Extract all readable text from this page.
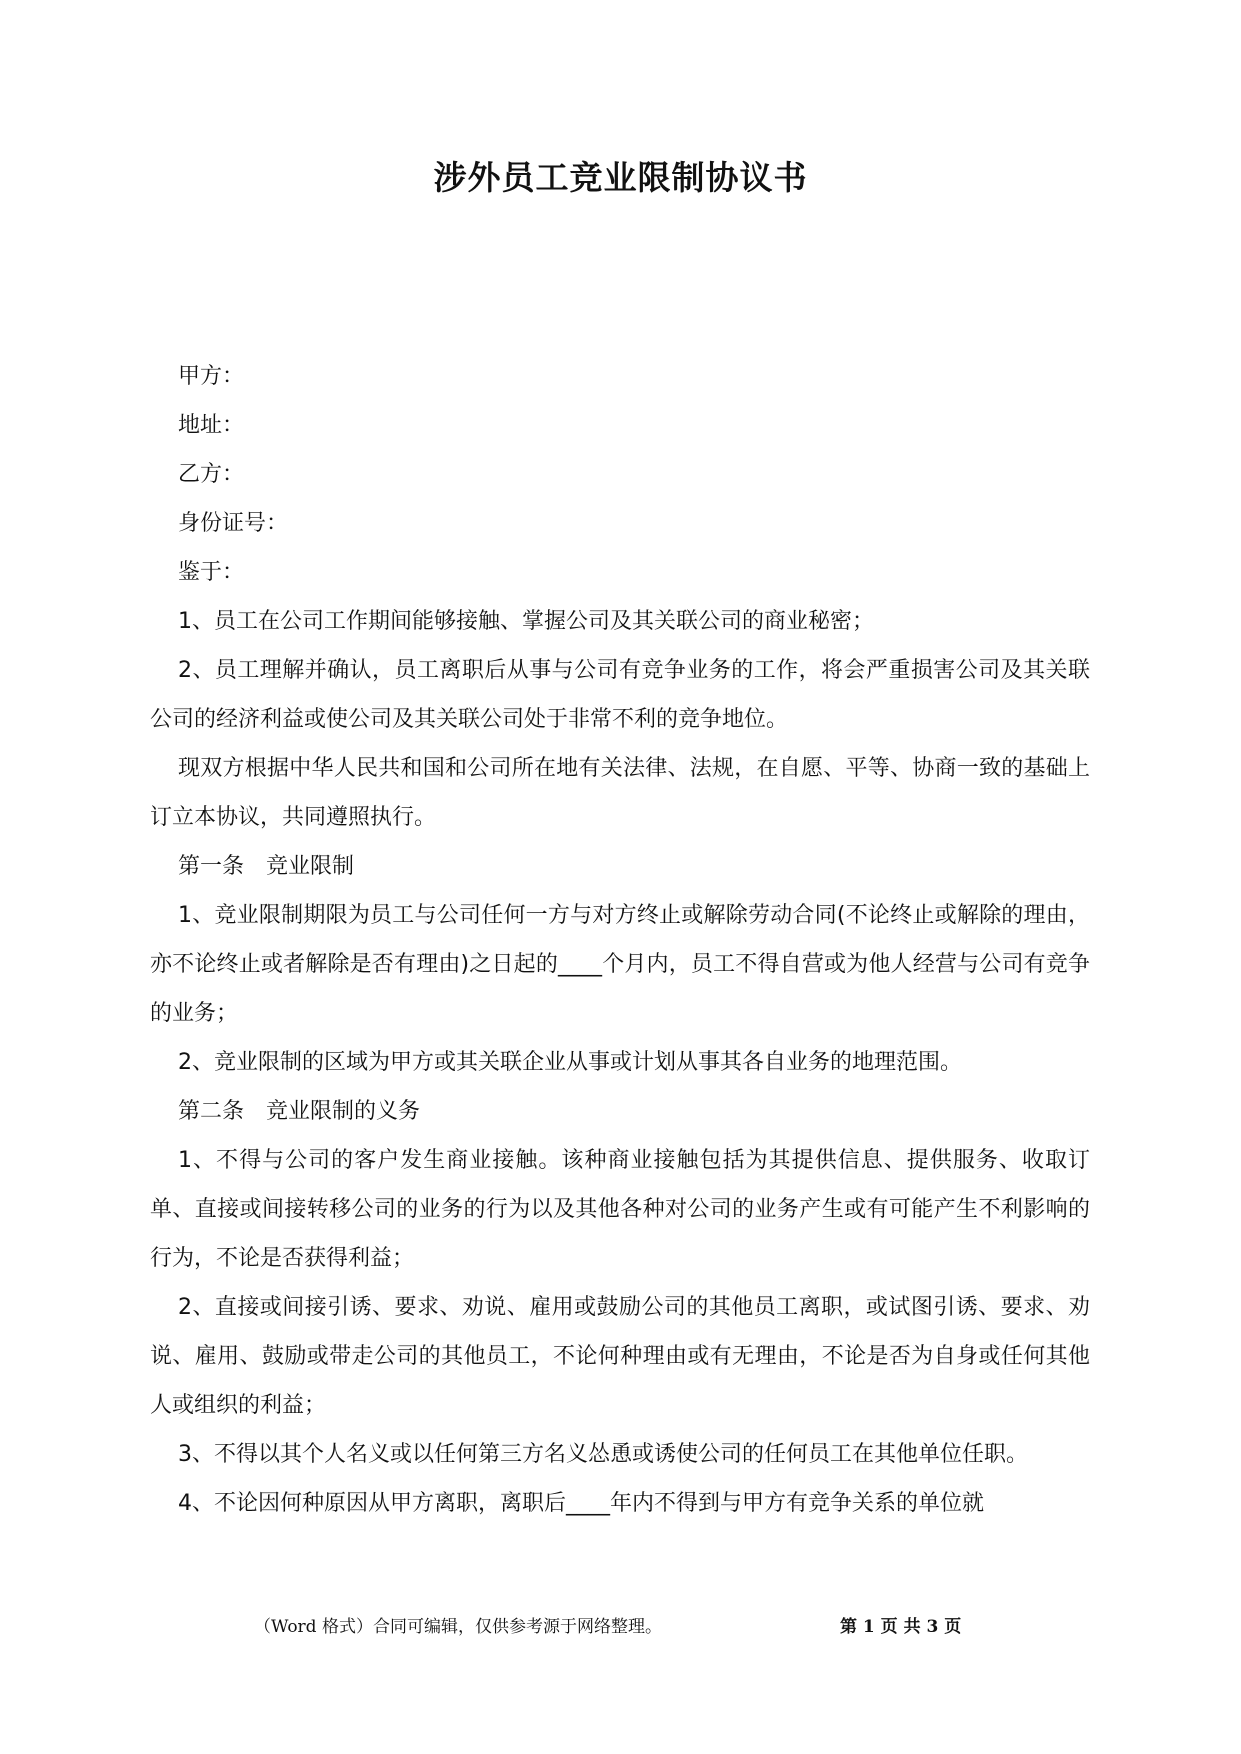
涉外员工竞业限制协议书

甲方：

地址：

乙方：

身份证号：

鉴于：

1、员工在公司工作期间能够接触、掌握公司及其关联公司的商业秘密；

2、员工理解并确认，员工离职后从事与公司有竞争业务的工作，将会严重损害公司及其关联公司的经济利益或使公司及其关联公司处于非常不利的竞争地位。

现双方根据中华人民共和国和公司所在地有关法律、法规，在自愿、平等、协商一致的基础上订立本协议，共同遵照执行。

第一条　竞业限制

1、竞业限制期限为员工与公司任何一方与对方终止或解除劳动合同(不论终止或解除的理由，亦不论终止或者解除是否有理由)之日起的____个月内，员工不得自营或为他人经营与公司有竞争的业务；

2、竞业限制的区域为甲方或其关联企业从事或计划从事其各自业务的地理范围。

第二条　竞业限制的义务

1、不得与公司的客户发生商业接触。该种商业接触包括为其提供信息、提供服务、收取订单、直接或间接转移公司的业务的行为以及其他各种对公司的业务产生或有可能产生不利影响的行为，不论是否获得利益；

2、直接或间接引诱、要求、劝说、雇用或鼓励公司的其他员工离职，或试图引诱、要求、劝说、雇用、鼓励或带走公司的其他员工，不论何种理由或有无理由，不论是否为自身或任何其他人或组织的利益；

3、不得以其个人名义或以任何第三方名义怂恿或诱使公司的任何员工在其他单位任职。

4、不论因何种原因从甲方离职，离职后____年内不得到与甲方有竞争关系的单位就

（Word 格式）合同可编辑，仅供参考源于网络整理。	第 1 页 共 3 页
